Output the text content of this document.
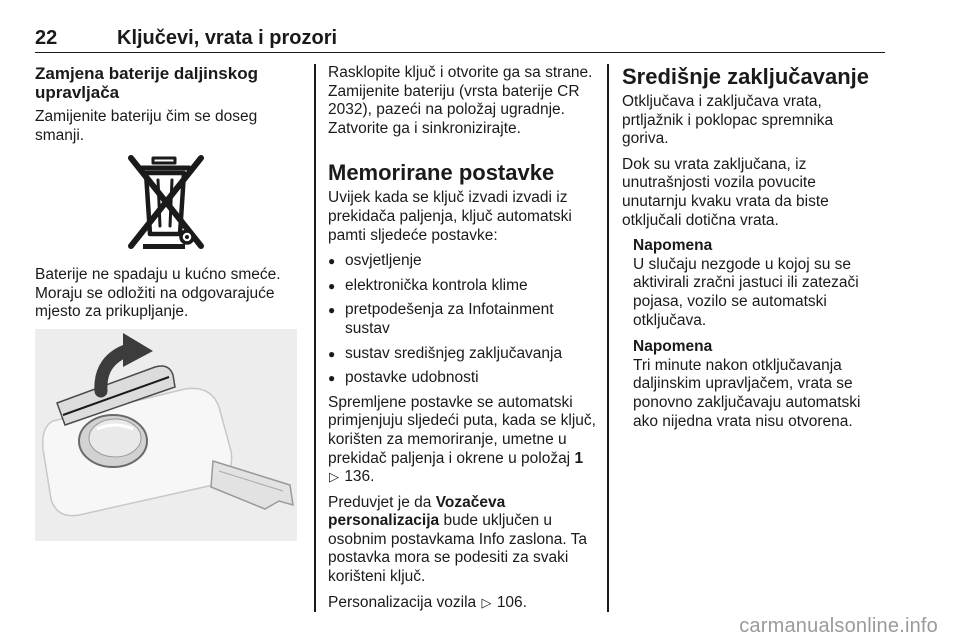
22	Ključevi, vrata i prozori
Zamjena baterije daljinskog upravljača

Zamijenite bateriju čim se doseg smanji.

Baterije ne spadaju u kućno smeće. Moraju se odložiti na odgovarajuće mjesto za prikupljanje.

Rasklopite ključ i otvorite ga sa strane. Zamijenite bateriju (vrsta baterije CR 2032), pazeći na položaj ugradnje. Zatvorite ga i sinkronizirajte.

Memorirane postavke

Uvijek kada se ključ izvadi izvadi iz prekidača paljenja, ključ automatski pamti sljedeće postavke:

● osvjetljenje
● elektronička kontrola klime
● pretpodešenja za Infotainment sustav
● sustav središnjeg zaključavanja
● postavke udobnosti

Spremljene postavke se automatski primjenjuju sljedeći puta, kada se ključ, korišten za memoriranje, umetne u prekidač paljenja i okrene u položaj 1 ▷ 136.

Preduvjet je da Vozačeva personalizacija bude uključen u osobnim postavkama Info zaslona. Ta postavka mora se podesiti za svaki korišteni ključ.

Personalizacija vozila ▷ 106.

Središnje zaključavanje

Otključava i zaključava vrata, prtljažnik i poklopac spremnika goriva.

Dok su vrata zaključana, iz unutrašnjosti vozila povucite unutarnju kvaku vrata da biste otključali dotična vrata.

Napomena
U slučaju nezgode u kojoj su se aktivirali zračni jastuci ili zatezači pojasa, vozilo se automatski otključava.
Napomena
Tri minute nakon otključavanja daljinskim upravljačem, vrata se ponovno zaključavaju automatski ako nijedna vrata nisu otvorena.
carmanualsonline.info
